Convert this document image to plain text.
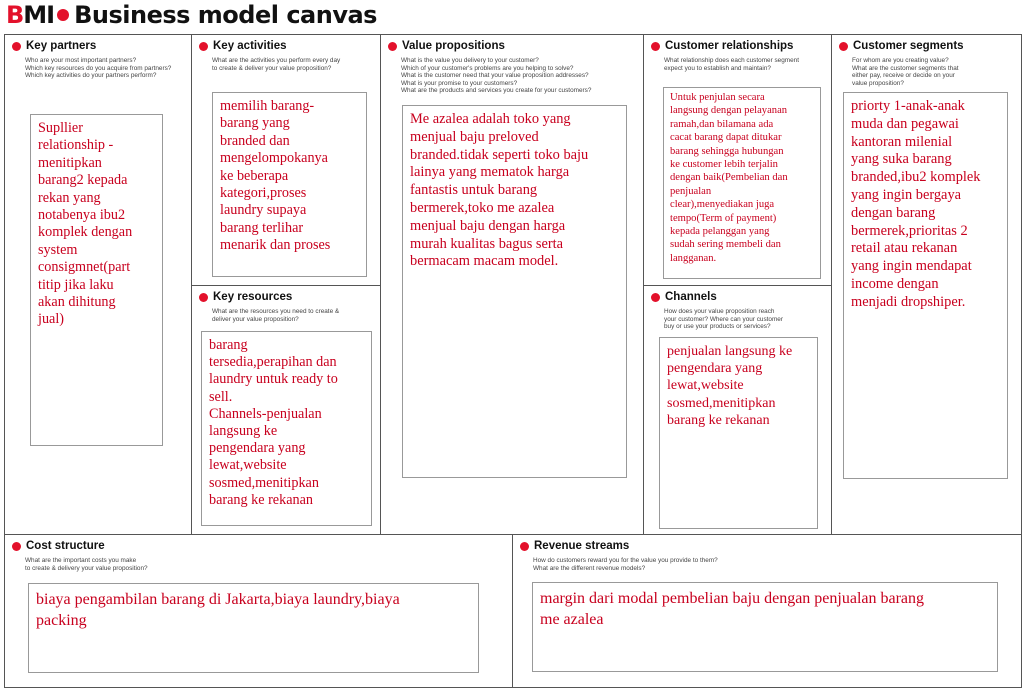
B MI Business model canvas
Key partners
Who are your most important partners?
Which key resources do you acquire from partners?
Which key activities do your partners perform?
Supllier
relationship -
menitipkan
barang2 kepada
rekan yang
notabenya ibu2
komplek dengan
system
consigmnet(part
titip jika laku
akan dihitung
jual)
Key activities
What are the activities you perform every day
to create & deliver your value proposition?
memilih barang-
barang yang
branded dan
mengelompokanya
ke beberapa
kategori,proses
laundry supaya
barang terlihar
menarik dan proses
Key resources
What are the resources you need to create &
deliver your value proposition?
barang
tersedia,perapihan dan
laundry untuk ready to
sell.
Channels-penjualan
langsung ke
pengendara yang
lewat,website
sosmed,menitipkan
barang ke rekanan
Value propositions
What is the value you delivery to your customer?
Which of your customer's problems are you helping to solve?
What is the customer need that your value proposition addresses?
What is your promise to your customers?
What are the products and services you create for your customers?
Me azalea adalah toko yang
menjual baju preloved
branded.tidak seperti toko baju
lainya yang mematok harga
fantastis untuk barang
bermerek,toko me azalea
menjual baju dengan harga
murah kualitas bagus serta
bermacam macam model.
Customer relationships
What relationship does each customer segment
expect you to establish and maintain?
Untuk penjulan secara
langsung dengan pelayanan
ramah,dan bilamana ada
cacat barang dapat ditukar
barang sehingga hubungan
ke customer lebih terjalin
dengan baik(Pembelian dan
penjualan
clear),menyediakan juga
tempo(Term of payment)
kepada pelanggan yang
sudah sering membeli dan
langganan.
Channels
How does your value proposition reach
your customer? Where can your customer
buy or use your products or services?
penjualan langsung ke
pengendara yang
lewat,website
sosmed,menitipkan
barang ke rekanan
Customer segments
For whom are you creating value?
What are the customer segments that
either pay, receive or decide on your
value proposition?
priorty 1-anak-anak
muda dan pegawai
kantoran milenial
yang suka barang
branded,ibu2 komplek
yang ingin bergaya
dengan barang
bermerek,prioritas 2
retail atau rekanan
yang ingin mendapat
income dengan
menjadi dropshiper.
Cost structure
What are the important costs you make
to create & delivery your value proposition?
biaya pengambilan barang di Jakarta,biaya laundry,biaya
packing
Revenue streams
How do customers reward you for the value you provide to them?
What are the different revenue models?
margin dari modal pembelian baju dengan penjualan barang
me azalea
